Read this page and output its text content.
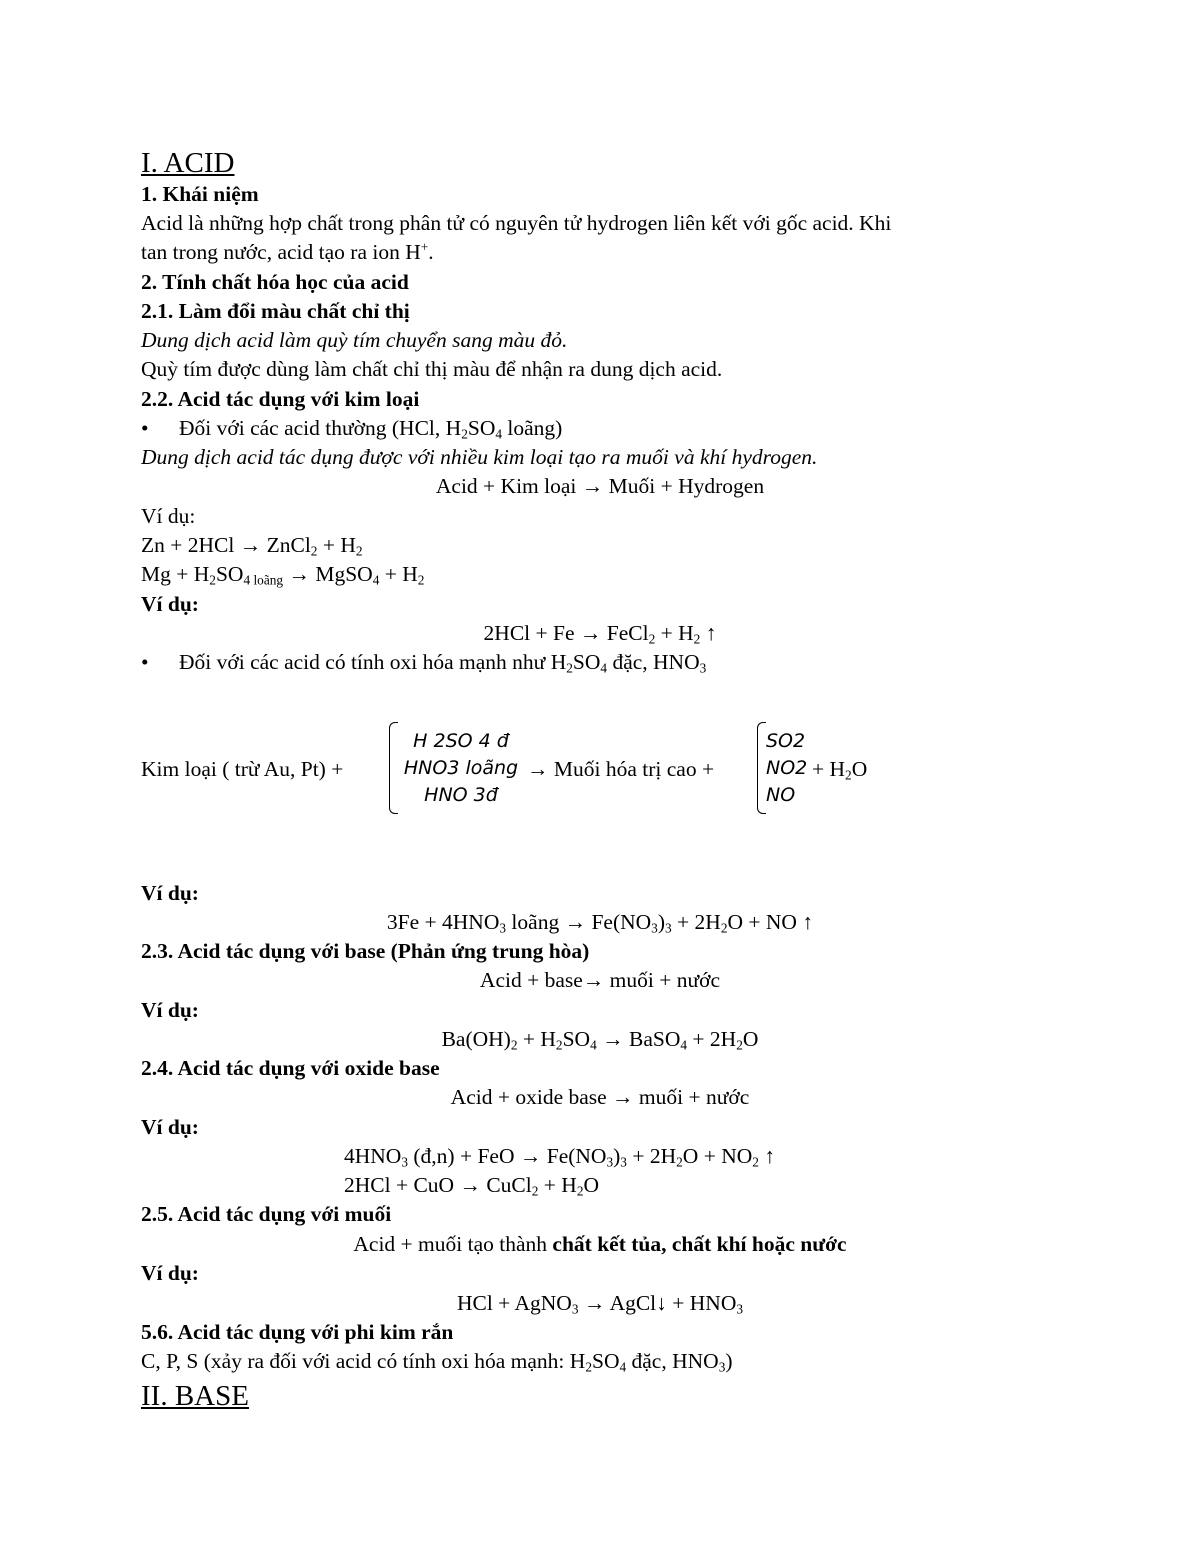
I. ACID
1. Khái niệm
Acid là những hợp chất trong phân tử có nguyên tử hydrogen liên kết với gốc acid. Khi
tan trong nước, acid tạo ra ion H+.
2. Tính chất hóa học của acid
2.1. Làm đổi màu chất chỉ thị
Dung dịch acid làm quỳ tím chuyển sang màu đỏ.
Quỳ tím được dùng làm chất chỉ thị màu để nhận ra dung dịch acid.
2.2. Acid tác dụng với kim loại
• Đối với các acid thường (HCl, $H_2SO_4$ loãng)
Dung dịch acid tác dụng được với nhiều kim loại tạo ra muối và khí hydrogen.
Acid + Kim loại → Muối + Hydrogen
Ví dụ:
Zn + 2HCl → ZnCl$_2$ + $H_2$
$Mg + H_2SO_{4 loãng}$ → MgSO$_4$ + $H_2$
Ví dụ:
2HCl + Fe → FeCl$_2$ + $H_2$ ↑
• Đối với các acid có tính oxi hóa mạnh như $H_2SO_4$ đặc, $HNO_3$
Kim loại ( trừ Au, Pt) +
H 2SO 4 đ
HNO3 loãng
HNO 3đ
→ Muối hóa trị cao +
SO2
NO2
NO
+ $H_2O$
Ví dụ:
$3Fe + 4HNO_3$ loãng → $Fe(NO_3)_3 + 2H_2O$ + NO ↑
2.3. Acid tác dụng với base (Phản ứng trung hòa)
Acid + base→ muối + nước
Ví dụ:
$Ba(OH)_2 + H_2SO_4$ → BaSO$_4$ + $2H_2O$
2.4. Acid tác dụng với oxide base
Acid + oxide base → muối + nước
Ví dụ:
$4HNO_3$ (đ,n) + FeO → $Fe(NO_3)_3 + 2H_2O + NO_2$ ↑
2HCl + CuO → CuCl$_2$ + $H_2O$
2.5. Acid tác dụng với muối
Acid + muối tạo thành chất kết tủa, chất khí hoặc nước
Ví dụ:
HCl + AgNO$_3$ → AgCl↓ + $HNO_3$
5.6. Acid tác dụng với phi kim rắn
C, P, S (xảy ra đối với acid có tính oxi hóa mạnh: $H_2SO_4$ đặc, $HNO_3$)
II. BASE
